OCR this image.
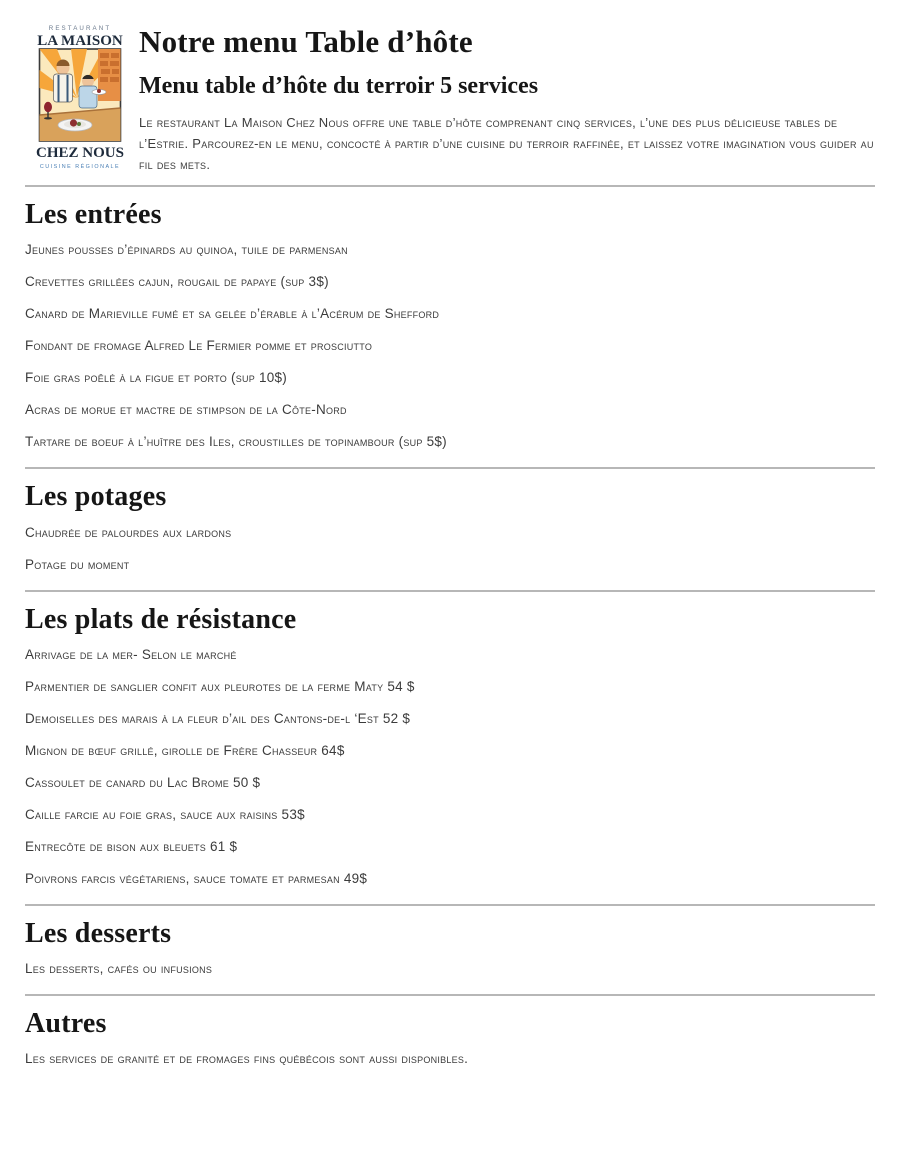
RESTAURANT
LA MAISON
CHEZ NOUS
CUISINE RÉGIONALE
Notre menu Table d’hôte
Menu table d’hôte du terroir 5 services

Le restaurant La Maison Chez Nous offre une table d’hôte comprenant cinq services, l’une des plus délicieuse tables de l’Estrie. Parcourez-en le menu, concocté à partir d’une cuisine du terroir raffinée, et laissez votre imagination vous guider au fil des mets.

Les entrées

Jeunes pousses d’épinards au quinoa, tuile de parmensan

Crevettes grillées cajun, rougail de papaye (sup 3$)

Canard de Marieville fumé et sa gelée d’érable à l’Acérum de Shefford

Fondant de fromage Alfred Le Fermier pomme et prosciutto

Foie gras poêlé à la figue et porto (sup 10$)

Acras de morue et mactre de stimpson de la Côte-Nord

Tartare de boeuf à l’huître des Iles, croustilles de topinambour (sup 5$)

Les potages

Chaudrée de palourdes aux lardons

Potage du moment

Les plats de résistance

Arrivage de la mer- Selon le marché

Parmentier de sanglier confit aux pleurotes de la ferme Maty 54 $

Demoiselles des marais à la fleur d’ail des Cantons-de-l ‘Est 52 $

Mignon de bœuf grillé, girolle de Frère Chasseur 64$

Cassoulet de canard du Lac Brome 50 $

Caille farcie au foie gras, sauce aux raisins 53$

Entrecôte de bison aux bleuets 61 $

Poivrons farcis végétariens, sauce tomate et parmesan 49$

Les desserts

Les desserts, cafés ou infusions

Autres

Les services de granité et de fromages fins québécois sont aussi disponibles.
